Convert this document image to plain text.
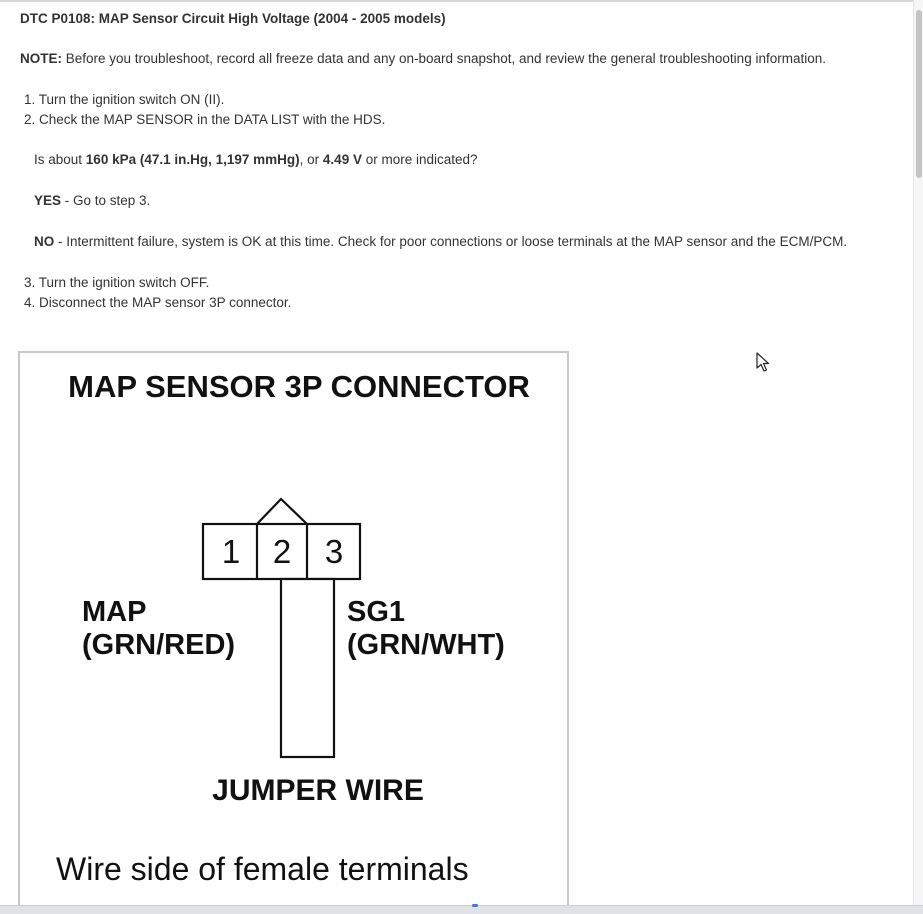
DTC P0108: MAP Sensor Circuit High Voltage (2004 - 2005 models)
NOTE: Before you troubleshoot, record all freeze data and any on-board snapshot, and review the general troubleshooting information.
1. Turn the ignition switch ON (II).
2. Check the MAP SENSOR in the DATA LIST with the HDS.
Is about 160 kPa (47.1 in.Hg, 1,197 mmHg), or 4.49 V or more indicated?
YES - Go to step 3.
NO - Intermittent failure, system is OK at this time. Check for poor connections or loose terminals at the MAP sensor and the ECM/PCM.
3. Turn the ignition switch OFF.
4. Disconnect the MAP sensor 3P connector.
MAP SENSOR 3P CONNECTOR
1 2 3
MAP
(GRN/RED)
SG1
(GRN/WHT)
JUMPER WIRE
Wire side of female terminals
